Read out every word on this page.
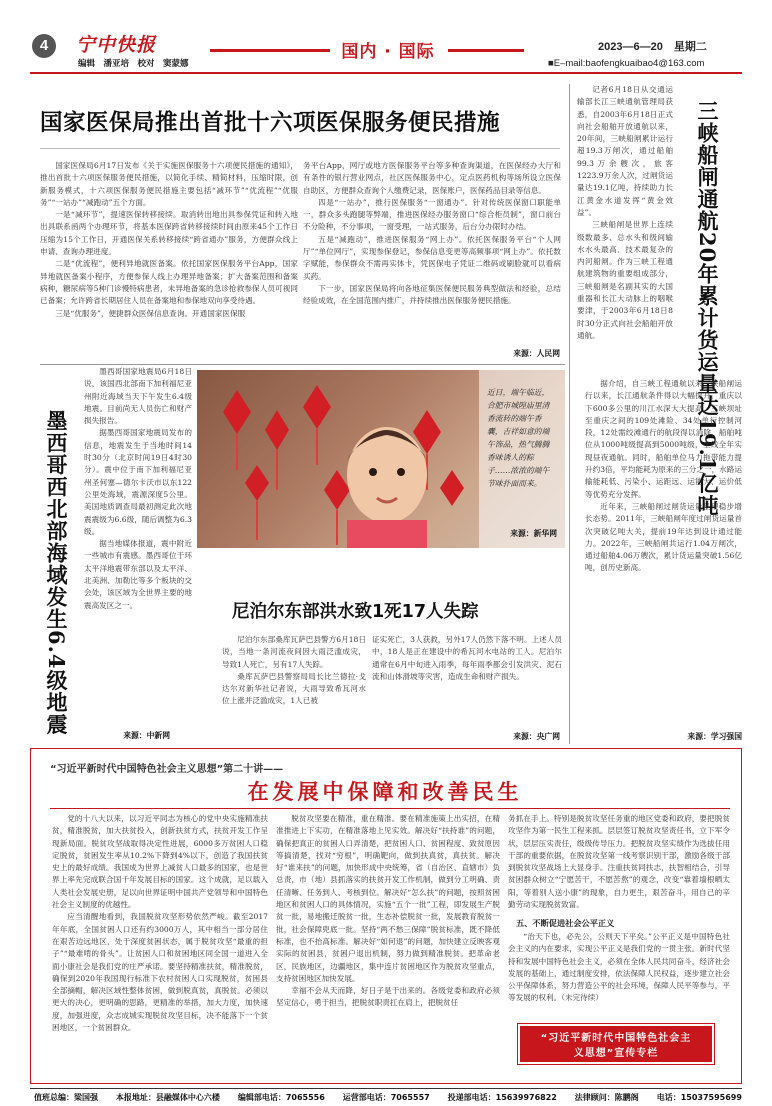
4	宁中快报
编辑　潘亚培　校对　窦蒙娜
国内 · 国际	2023—6—20　星期二
■E–mail:baofengkuaibao4@163.com
国家医保局推出首批十六项医保服务便民措施

国家医保局6月17日发布《关于实施医保服务十六项便民措施的通知》，推出首批十六项医保服务便民措施，以简化手续、精简材料，压缩时限，创新服务模式，十六项医保服务便民措施主要包括“减环节”“优流程”“优服务”“一站办”“减跑动”五个方面。

一是“减环节”，提速医保转移接续。取消转出地出具参保凭证和转入地出具联系函两个办理环节，将基本医保跨省转移接续时间由原来45个工作日压缩为15个工作日，开通医保关系转移接续“跨省通办”服务，方便群众线上申请、查询办理进度。

二是“优流程”，便利异地就医备案。依托国家医保服务平台App，国家异地就医备案小程序，方便参保人线上办理异地备案；扩大备案范围和备案病种，糖尿病等5种门诊慢特病患者，未异地备案的急诊抢救参保人员可视同已备案；允许跨省长期居住人员在备案地和参保地双向享受待遇。

三是“优服务”，便捷群众医保信息查询。开通国家医保服

务平台App，网厅或地方医保服务平台等多种查询渠道，在医保经办大厅和有条件的银行营业网点，社区医保服务中心，定点医药机构等场所设立医保自助区，方便群众查询个人缴费记录，医保账户，医保药品目录等信息。

四是“一站办”，推行医保服务“一窗通办”。针对传统医保窗口职能单一，群众多头跑腿等弊端，推进医保经办服务窗口“综合柜员制”，窗口前台不分险种，不分事项，一窗受理，一站式服务，后台分办限时办结。

五是“减跑动”，推进医保服务“网上办”。依托医保服务平台“个人网厅”“单位网厅”，实现参保登记，参保信息变更等高频事项“网上办”。依托数字赋能，参保群众不需再实体卡，凭医保电子凭证二维码或刷脸就可以看病买药。

下一步，国家医保局将向各地征集医保便民服务典型做法和经验，总结经验成效，在全国范围内推广，并持续推出医保服务便民措施。

来源：人民网
墨西哥西北部海域发生6.4级地震

墨西哥国家地震局6月18日说，该国西北部南下加利福尼亚州附近海域当天下午发生6.4级地震。目前尚无人员伤亡和财产损失报告。

据墨西哥国家地震局发布的信息，地震发生于当地时间14时30分（北京时间19日4时30分）。震中位于南下加利福尼亚州圣何塞—德尔卡沃市以东122公里处海域，震源深度5公里。美国地质调查局最初测定此次地震震级为6.6级，随后调整为6.3级。

据当地媒体报道，震中附近一些城市有震感。墨西哥位于环太平洋地震带东部以及太平洋、北美洲、加勒比等多个板块的交会处，该区域为全世界主要的地震高发区之一。

来源：中新网
近日，端午临近，合肥市城隍庙里清香流转的端午香囊，吉祥如意的端午饰品，热气腾腾香味诱人的粽子……浓浓的端午节味扑面而来。
来源：新华网
尼泊尔东部洪水致1死17人失踪

尼泊尔东部桑库瓦萨巴县警方6月18日说，当地一条河流夜间因大雨泛滥成灾，导致1人死亡，另有17人失踪。

桑库瓦萨巴县警察局局长比兰德拉·戈达尔对新华社记者说，大雨导致希瓦河水位上涨并泛滥成灾，1人已被

证实死亡，3人获救，另外17人仍然下落不明。上述人员中，18人是正在建设中的希瓦河水电站的工人。尼泊尔通常在6月中旬进入雨季，每年雨季都会引发洪灾、泥石流和山体滑坡等灾害，造成生命和财产损失。

来源：央广网

记者6月18日从交通运输部长江三峡通航管理局获悉，自2003年6月18日正式向社会船舶开放通航以来，20年间，三峡船闸累计运行超19.3万闸次，通过船舶99.3万余艘次，旅客1223.9万余人次，过闸货运量达19.1亿吨，持续助力长江黄金水道发挥“黄金效益”。

三峡船闸是世界上连续级数最多、总水头和级间输水水头最高、技术最复杂的内河船闸。作为三峡工程通航建筑物的重要组成部分，三峡船闸是名副其实的大国重器和长江大动脉上的咽喉要津，于2003年6月18日8时30分正式向社会船舶开放通航。	三峡船闸通航20年累计货运量达19.1亿吨

据介绍，自三峡工程通航以来三峡船闸运行以来，长江通航条件得以大幅提升，重庆以下600多公里的川江水深大大提高，三峡坝址至重庆之间的109处滩险、34处单行控制河段，12处需绞滩通行的航段得以消除，船舶吨位从1000吨级提高到5000吨级，全线全年实现昼夜通航。同时，船舶单位马力拖带能力提升约3倍，平均能耗为原来的三分之一，水路运输能耗低、污染小、运距远、运能大、运价低等优势充分发挥。

近年来，三峡船闸过闸货运量呈现稳步增长态势。2011年，三峡船闸年度过闸货运量首次突破亿吨大关，提前19年达到设计通过能力。2022年，三峡船闸共运行1.04万闸次，通过船舶4.06万艘次，累计货运量突破1.56亿吨，创历史新高。

来源：学习强国
“习近平新时代中国特色社会主义思想”第二十讲——
在发展中保障和改善民生

党的十八大以来，以习近平同志为核心的党中央实施精准扶贫，精准脱贫，加大扶贫投入，创新扶贫方式，扶贫开发工作呈现新局面。脱贫攻坚战取得决定性进展，6000多万贫困人口稳定脱贫，贫困发生率从10.2%下降到4%以下，创造了我国扶贫史上的最好成绩。我国成为世界上减贫人口最多的国家，也是世界上率先完成联合国千年发展目标的国家。这个成就，足以载入人类社会发展史册，足以向世界证明中国共产党领导和中国特色社会主义制度的优越性。

应当清醒地看到，我国脱贫攻坚形势依然严峻。截至2017年年底，全国贫困人口还有约3000万人，其中相当一部分居住在艰苦边远地区，处于深度贫困状态，属于脱贫攻坚“最重的担子”“最难啃的骨头”。让贫困人口和贫困地区同全国一道进入全面小康社会是我们党的庄严承诺。要坚持精准扶贫，精准脱贫，确保到2020年我国现行标准下农村贫困人口实现脱贫，贫困县全部摘帽，解决区域性整体贫困，做到脱真贫，真脱贫。必须以更大的决心，更明确的思路，更精准的举措，加大力度，加快速度，加强进度，众志成城实现脱贫攻坚目标，决不能落下一个贫困地区，一个贫困群众。

脱贫攻坚要在精准，重在精准。要在精准施策上出实招，在精准推进上下实功，在精准落地上见实效。解决好“扶持谁”的问题，确保把真正的贫困人口弄清楚，把贫困人口、贫困程度、致贫原因等搞清楚，找对“穷根”，明确靶向，做到扶真贫，真扶贫。解决好“谁来扶”的问题，加快形成中央统筹，省（自治区、直辖市）负总责，市（地）县抓落实的扶贫开发工作机制，做到分工明确、责任清晰、任务到人、考核到位。解决好“怎么扶”的问题，按照贫困地区和贫困人口的具体情况，实施“五个一批”工程，即发展生产脱贫一批，易地搬迁脱贫一批，生态补偿脱贫一批，发展教育脱贫一批，社会保障兜底一批。坚持“两不愁三保障”脱贫标准，既不降低标准，也不抬高标准。解决好“如何退”的问题，加快建立反映客观实际的贫困县，贫困户退出机制，努力做到精准脱贫。把革命老区，民族地区，边疆地区，集中连片贫困地区作为脱贫攻坚重点，支持贫困地区加快发展。

幸福不会从天而降，好日子是干出来的。各级党委和政府必须坚定信心，勇于担当，把脱贫职责扛在肩上，把脱贫任

务抓在手上。特别是脱贫攻坚任务重的地区党委和政府，要把脱贫攻坚作为第一民生工程来抓。层层签订脱贫攻坚责任书，立下军令状，层层压实责任，级级传导压力。把脱贫攻坚实绩作为选拔任用干部的重要依据，在脱贫攻坚第一线考察识别干部，激励各级干部到脱贫攻坚战场上大显身手。注重扶贫同扶志，扶智相结合，引导贫困群众树立“宁愿苦干，不愿苦熬”的观念，改变“靠着墙根晒太阳，等着别人送小康”的现象，自力更生，艰苦奋斗，用自己的辛勤劳动实现脱贫致富。

五、不断促进社会公平正义

“治天下也，必先公，公则天下平矣。”公平正义是中国特色社会主义的内在要求，实现公平正义是我们党的一贯主张。新时代坚持和发展中国特色社会主义，必须在全体人民共同奋斗，经济社会发展的基础上，通过制度安排，依法保障人民权益，逐步建立社会公平保障体系，努力营造公平的社会环境，保障人民平等参与，平等发展的权利。（未完待续）

“习近平新时代中国特色社会主义思想”宣传专栏
值班总编：梁国强 本报地址：县融媒体中心六楼 编辑部电话：7065556 运营部电话：7065557 投递部电话：15639976822 法律顾问：陈鹏阁 电话：15037595699
